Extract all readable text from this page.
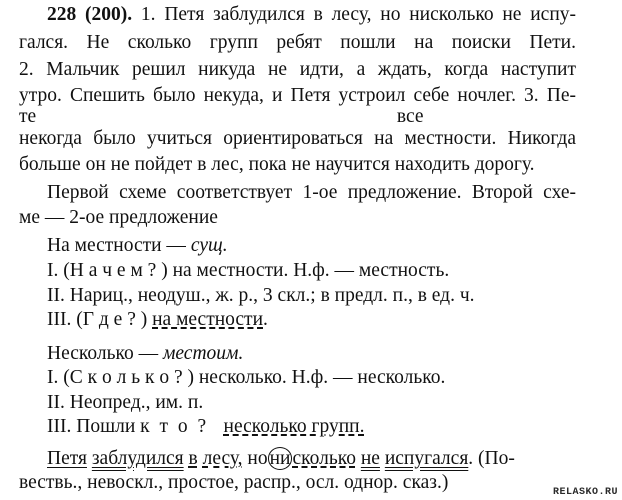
228 (200). 1. Петя заблудился в лесу, но нисколько не испу-
гался. Не сколько групп ребят пошли на поиски Пети.
2. Мальчик решил никуда не идти, а ждать, когда наступит
утро. Спешить было некуда, и Петя устроил себе ночлег. 3. Пе-
те                                                                          все
некогда было учиться ориентироваться на местности. Никогда
больше он не пойдет в лес, пока не научится находить дорогу.
Первой схеме соответствует 1-ое предложение. Второй схе-
ме — 2-ое предложение
На местности — сущ.
I. (Н а ч е м ? ) на местности. Н.ф. — местность.
II. Нариц., неодуш., ж. р., 3 скл.; в предл. п., в ед. ч.
III. (Г д е ? ) на местности.
Несколько — местоим.
I. (С к о л ь к о ? ) несколько. Н.ф. — несколько.
II. Неопред., им. п.
III. Пошли к т о ? несколько групп.
Петя заблудился в лесу, но ни сколько не испугался. (По-
вествь., невоскл., простое, распр., осл. однор. сказ.)	RELASKO.RU
